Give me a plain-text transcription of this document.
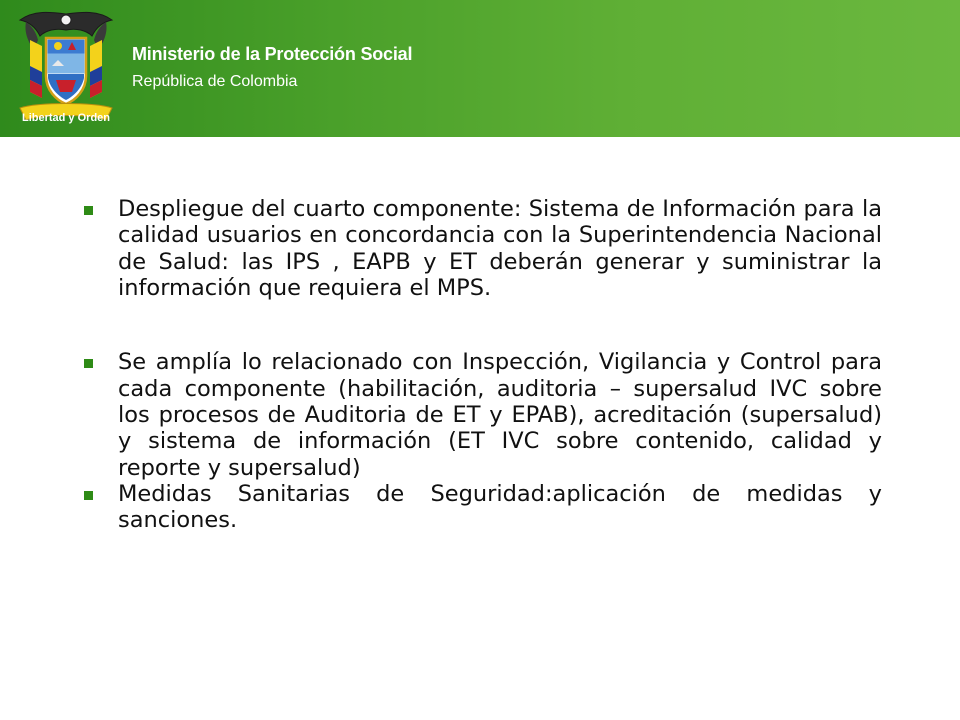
Ministerio de la Protección Social
República de Colombia
Libertad y Orden
Despliegue del cuarto componente: Sistema de Información para la calidad usuarios en concordancia con la Superintendencia Nacional de Salud: las IPS , EAPB y ET deberán generar y suministrar la información que requiera el MPS.
Se amplía lo relacionado con Inspección, Vigilancia y Control para cada componente (habilitación, auditoria – supersalud IVC sobre los procesos de Auditoria de ET y EPAB), acreditación (supersalud) y sistema de información (ET IVC sobre contenido, calidad y reporte y supersalud)
Medidas Sanitarias de Seguridad:aplicación de medidas y sanciones.
